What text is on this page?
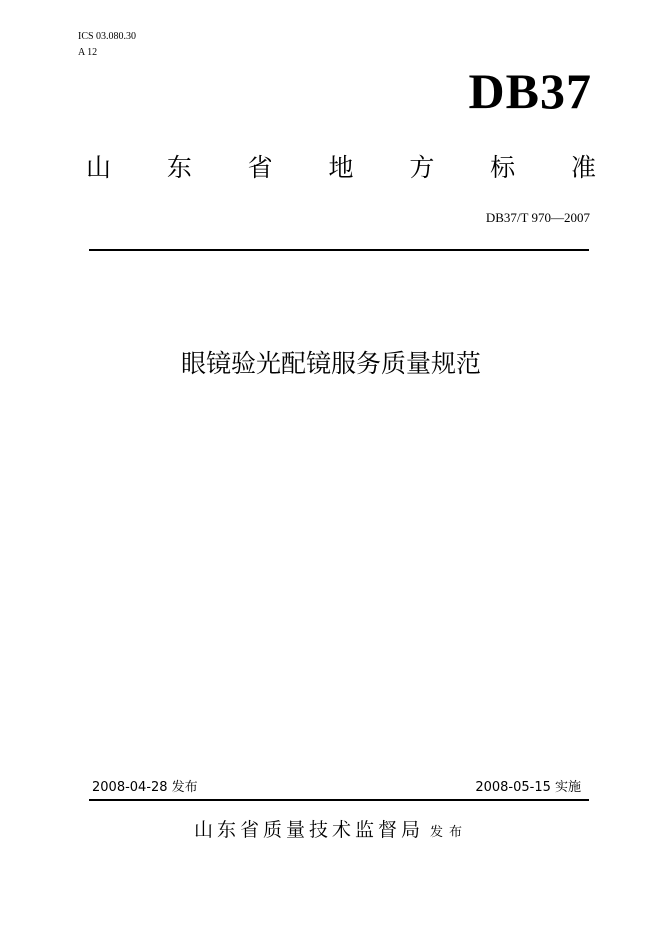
ICS 03.080.30
A 12
DB37
山 东 省 地 方 标 准
DB37/T 970—2007
眼镜验光配镜服务质量规范
2008-04-28 发布	2008-05-15 实施
山东省质量技术监督局 发布
